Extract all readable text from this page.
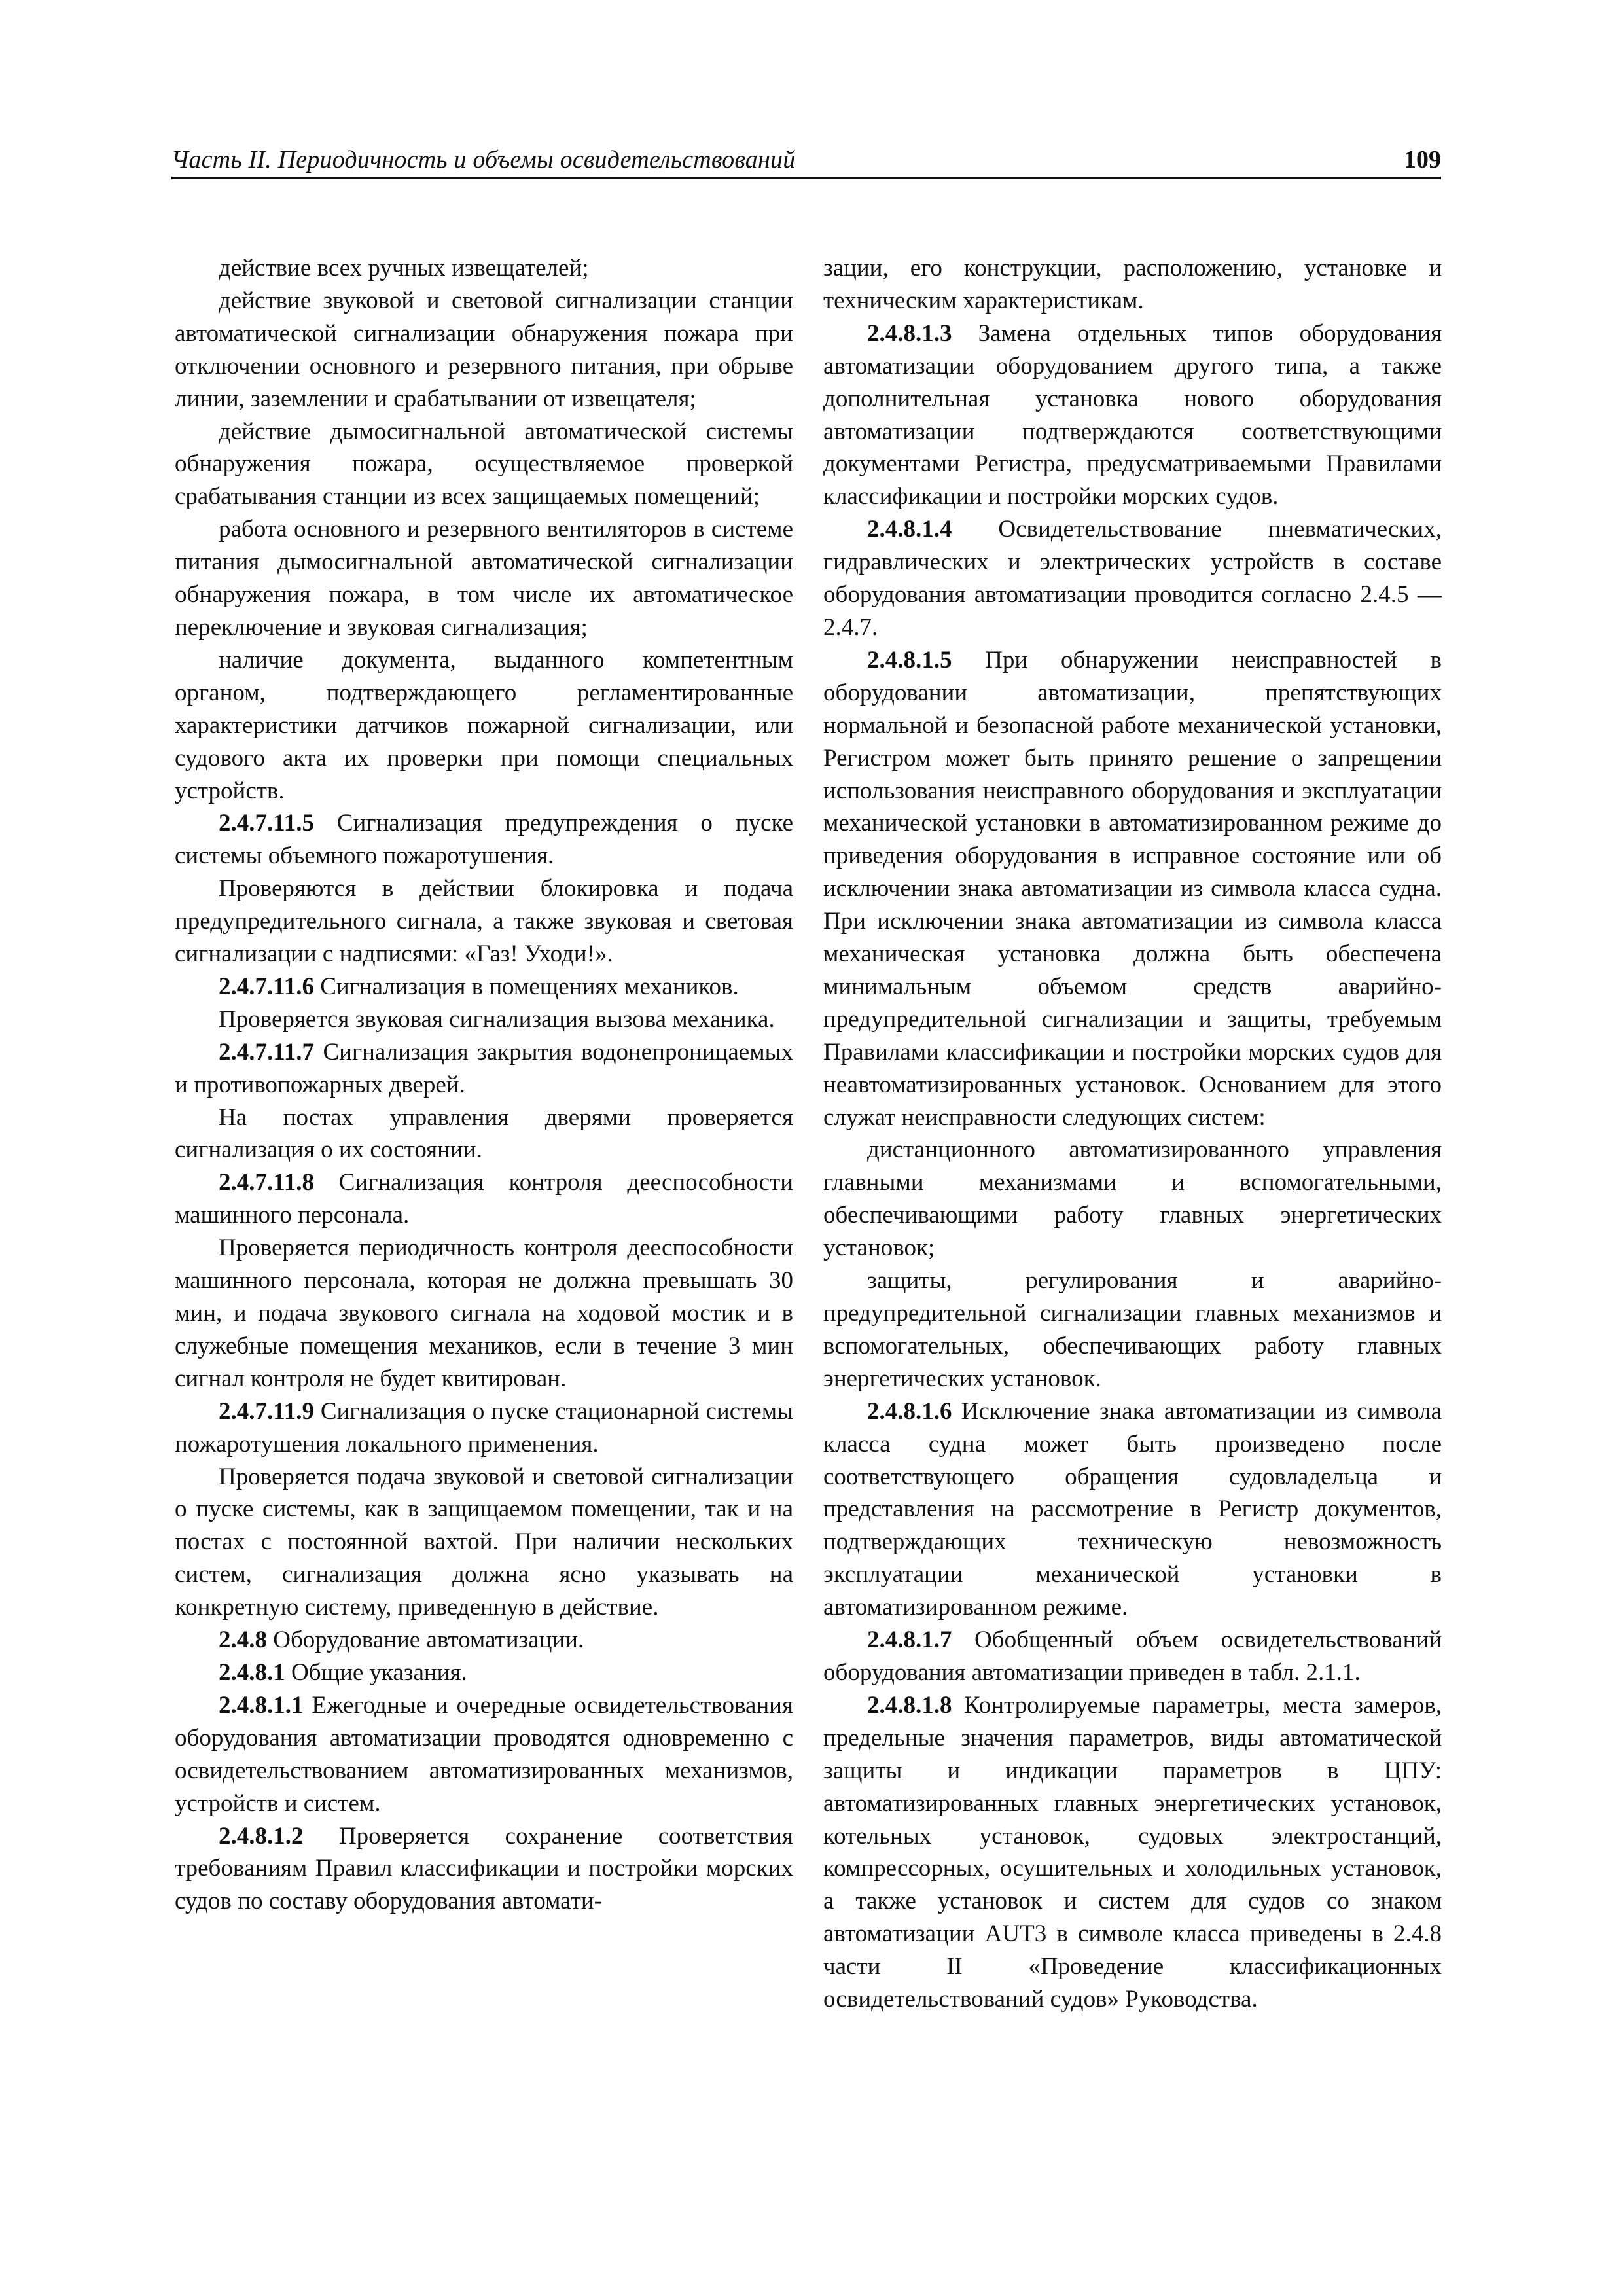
Часть II. Периодичность и объемы освидетельствований	109

действие всех ручных извещателей;

действие звуковой и световой сигнализации станции автоматической сигнализации обнаружения пожара при отключении основного и резервного питания, при обрыве линии, заземлении и срабатывании от извещателя;

действие дымосигнальной автоматической системы обнаружения пожара, осуществляемое проверкой срабатывания станции из всех защищаемых помещений;

работа основного и резервного вентиляторов в системе питания дымосигнальной автоматической сигнализации обнаружения пожара, в том числе их автоматическое переключение и звуковая сигнализация;

наличие документа, выданного компетентным органом, подтверждающего регламентированные характеристики датчиков пожарной сигнализации, или судового акта их проверки при помощи специальных устройств.

2.4.7.11.5 Сигнализация предупреждения о пуске системы объемного пожаротушения.

Проверяются в действии блокировка и подача предупредительного сигнала, а также звуковая и световая сигнализации с надписями: «Газ! Уходи!».

2.4.7.11.6 Сигнализация в помещениях механиков.

Проверяется звуковая сигнализация вызова механика.

2.4.7.11.7 Сигнализация закрытия водонепроницаемых и противопожарных дверей.

На постах управления дверями проверяется сигнализация о их состоянии.

2.4.7.11.8 Сигнализация контроля дееспособности машинного персонала.

Проверяется периодичность контроля дееспособности машинного персонала, которая не должна превышать 30 мин, и подача звукового сигнала на ходовой мостик и в служебные помещения механиков, если в течение 3 мин сигнал контроля не будет квитирован.

2.4.7.11.9 Сигнализация о пуске стационарной системы пожаротушения локального применения.

Проверяется подача звуковой и световой сигнализации о пуске системы, как в защищаемом помещении, так и на постах с постоянной вахтой. При наличии нескольких систем, сигнализация должна ясно указывать на конкретную систему, приведенную в действие.

2.4.8 Оборудование автоматизации.

2.4.8.1 Общие указания.

2.4.8.1.1 Ежегодные и очередные освидетельствования оборудования автоматизации проводятся одновременно с освидетельствованием автоматизированных механизмов, устройств и систем.

2.4.8.1.2 Проверяется сохранение соответствия требованиям Правил классификации и постройки морских судов по составу оборудования автомати-

зации, его конструкции, расположению, установке и техническим характеристикам.

2.4.8.1.3 Замена отдельных типов оборудования автоматизации оборудованием другого типа, а также дополнительная установка нового оборудования автоматизации подтверждаются соответствующими документами Регистра, предусматриваемыми Правилами классификации и постройки морских судов.

2.4.8.1.4 Освидетельствование пневматических, гидравлических и электрических устройств в составе оборудования автоматизации проводится согласно 2.4.5 — 2.4.7.

2.4.8.1.5 При обнаружении неисправностей в оборудовании автоматизации, препятствующих нормальной и безопасной работе механической установки, Регистром может быть принято решение о запрещении использования неисправного оборудования и эксплуатации механической установки в автоматизированном режиме до приведения оборудования в исправное состояние или об исключении знака автоматизации из символа класса судна. При исключении знака автоматизации из символа класса механическая установка должна быть обеспечена минимальным объемом средств аварийно-предупредительной сигнализации и защиты, требуемым Правилами классификации и постройки морских судов для неавтоматизированных установок. Основанием для этого служат неисправности следующих систем:

дистанционного автоматизированного управления главными механизмами и вспомогательными, обеспечивающими работу главных энергетических установок;

защиты, регулирования и аварийно-предупредительной сигнализации главных механизмов и вспомогательных, обеспечивающих работу главных энергетических установок.

2.4.8.1.6 Исключение знака автоматизации из символа класса судна может быть произведено после соответствующего обращения судовладельца и представления на рассмотрение в Регистр документов, подтверждающих техническую невозможность эксплуатации механической установки в автоматизированном режиме.

2.4.8.1.7 Обобщенный объем освидетельствований оборудования автоматизации приведен в табл. 2.1.1.

2.4.8.1.8 Контролируемые параметры, места замеров, предельные значения параметров, виды автоматической защиты и индикации параметров в ЦПУ: автоматизированных главных энергетических установок, котельных установок, судовых электростанций, компрессорных, осушительных и холодильных установок, а также установок и систем для судов со знаком автоматизации AUT3 в символе класса приведены в 2.4.8 части II «Проведение классификационных освидетельствований судов» Руководства.
